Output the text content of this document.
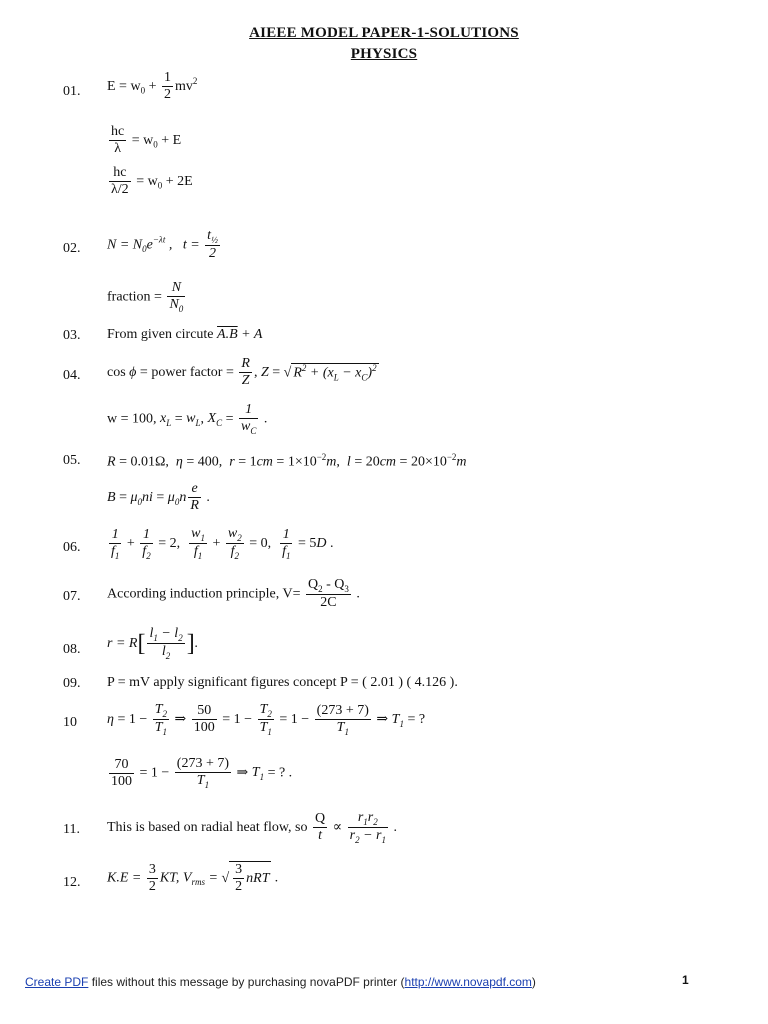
AIEEE MODEL PAPER-1-SOLUTIONS
PHYSICS
01. $E = w_0 + \frac{1}{2} mv^2$
$\frac{hc}{\lambda} = w_0 + E$
$\frac{hc}{\lambda/2} = w_0 + 2E$
02. $N = N_0e^{-\lambda t}$ ,   $t = \frac{t_{\frac{1}{2}}}{2}$
fraction = $\frac{N}{N_0}$
03. From given circute A.B + A
04. cos ϕ = power factor = $\frac{R}{Z}$ , Z = √ $R^2 + (x_L - x_C)^2$
w = 100, $x_L = w_L$, $X_C = \frac{1}{w_C}$ .
05. R = 0.01Ω,  η = 400,  $r = 1cm = 1\times 10^{-2}m$,  $l = 20cm = 20\times 10^{-2}m$
$B = \mu_0ni = \mu_0n \frac{e}{R}$ .
06. $\frac{1}{f_1} + \frac{1}{f_2} = 2$, $\frac{w_1}{f_1} + \frac{w_2}{f_2} = 0$, $\frac{1}{f_1} = 5D$ .
07. According induction principle, $V= \frac{Q_2 - Q_3}{2C}$ .
08. $r = R[ \frac{l_1 - l_2}{l_2}$ ].
09. P = mV apply significant figures concept P = ( 2.01 ) ( 4.126 ).
10 $\eta = 1 - \frac{T_2}{T_1}$ ⇒ $\frac{50}{100} = 1 - \frac{T_2}{T_1} = 1 - \frac{(273 + 7)}{T_1}$ ⇒ $T_1$ = ?
$\frac{70}{100} = 1 - \frac{(273 + 7)}{T_1}$ ⇒ $T_1$ = ? .
11. This is based on radial heat flow, so $\frac{Q}{t} \propto \frac{r_1r_2}{r_2 - r_1}$ .
12. $K.E = \frac{3}{2}$ KT, $V_{rms}$ = √ $\frac{3}{2}$ nRT .
Create PDF files without this message by purchasing novaPDF printer (http://www.novapdf.com)	1
